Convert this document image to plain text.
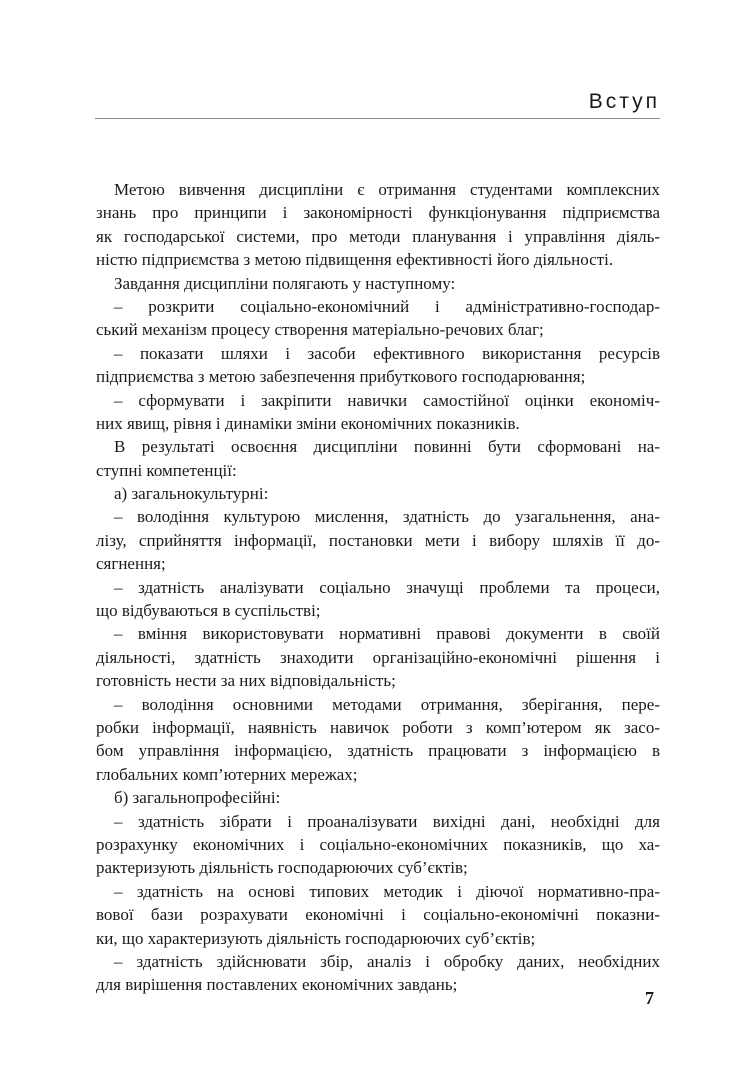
Вступ
Метою вивчення дисципліни є отримання студентами комплексних
знань про принципи і закономірності функціонування підприємства
як господарської системи, про методи планування і управління діяль-
ністю підприємства з метою підвищення ефективності його діяльності.
Завдання дисципліни полягають у наступному:
– розкрити соціально-економічний і адміністративно-господар-
ський механізм процесу створення матеріально-речових благ;
– показати шляхи і засоби ефективного використання ресурсів
підприємства з метою забезпечення прибуткового господарювання;
– сформувати і закріпити навички самостійної оцінки економіч-
них явищ, рівня і динаміки зміни економічних показників.
В результаті освоєння дисципліни повинні бути сформовані на-
ступні компетенції:
а) загальнокультурні:
– володіння культурою мислення, здатність до узагальнення, ана-
лізу, сприйняття інформації, постановки мети і вибору шляхів її до-
сягнення;
– здатність аналізувати соціально значущі проблеми та процеси,
що відбуваються в суспільстві;
– вміння використовувати нормативні правові документи в своїй
діяльності, здатність знаходити організаційно-економічні рішення і
готовність нести за них відповідальність;
– володіння основними методами отримання, зберігання, пере-
робки інформації, наявність навичок роботи з комп’ютером як засо-
бом управління інформацією, здатність працювати з інформацією в
глобальних комп’ютерних мережах;
б) загальнопрофесійні:
– здатність зібрати і проаналізувати вихідні дані, необхідні для
розрахунку економічних і соціально-економічних показників, що ха-
рактеризують діяльність господарюючих суб’єктів;
– здатність на основі типових методик і діючої нормативно-пра-
вової бази розрахувати економічні і соціально-економічні показни-
ки, що характеризують діяльність господарюючих суб’єктів;
– здатність здійснювати збір, аналіз і обробку даних, необхідних
для вирішення поставлених економічних завдань;
7
